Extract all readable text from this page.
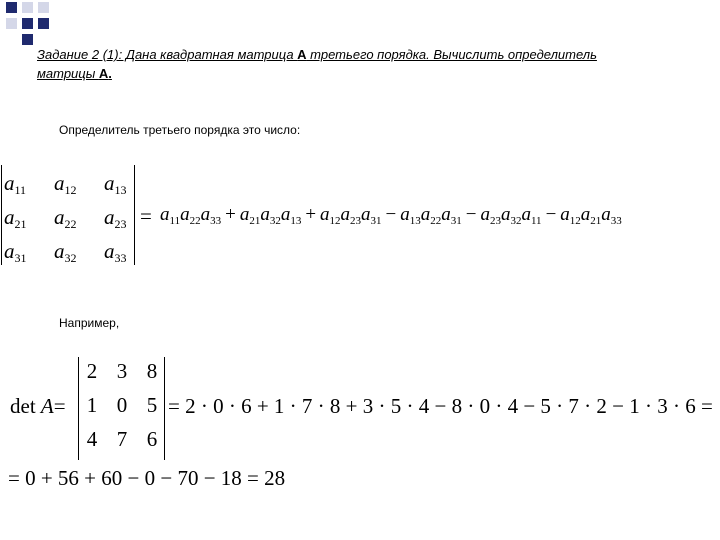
Задание 2 (1): Дана квадратная матрица А третьего порядка. Вычислить определитель матрицы А.
Определитель третьего порядка это число:
$a_{11}$	$a_{12}$	$a_{13}$
$a_{21}$	$a_{22}$	$a_{23}$
$a_{31}$	$a_{32}$	$a_{33}$
= $a_{11}a_{22}a_{33} + a_{21}a_{32}a_{13} + a_{12}a_{23}a_{31} - a_{13}a_{22}a_{31} - a_{23}a_{32}a_{11} - a_{12}a_{21}a_{33}$
Например,
det A=
2 3 8
1 0 5
4 7 6
= 2 · 0 · 6 + 1 · 7 · 8 + 3 · 5 · 4 − 8 · 0 · 4 − 5 · 7 · 2 − 1 · 3 · 6 =
= 0 + 56 + 60 − 0 − 70 − 18 = 28
